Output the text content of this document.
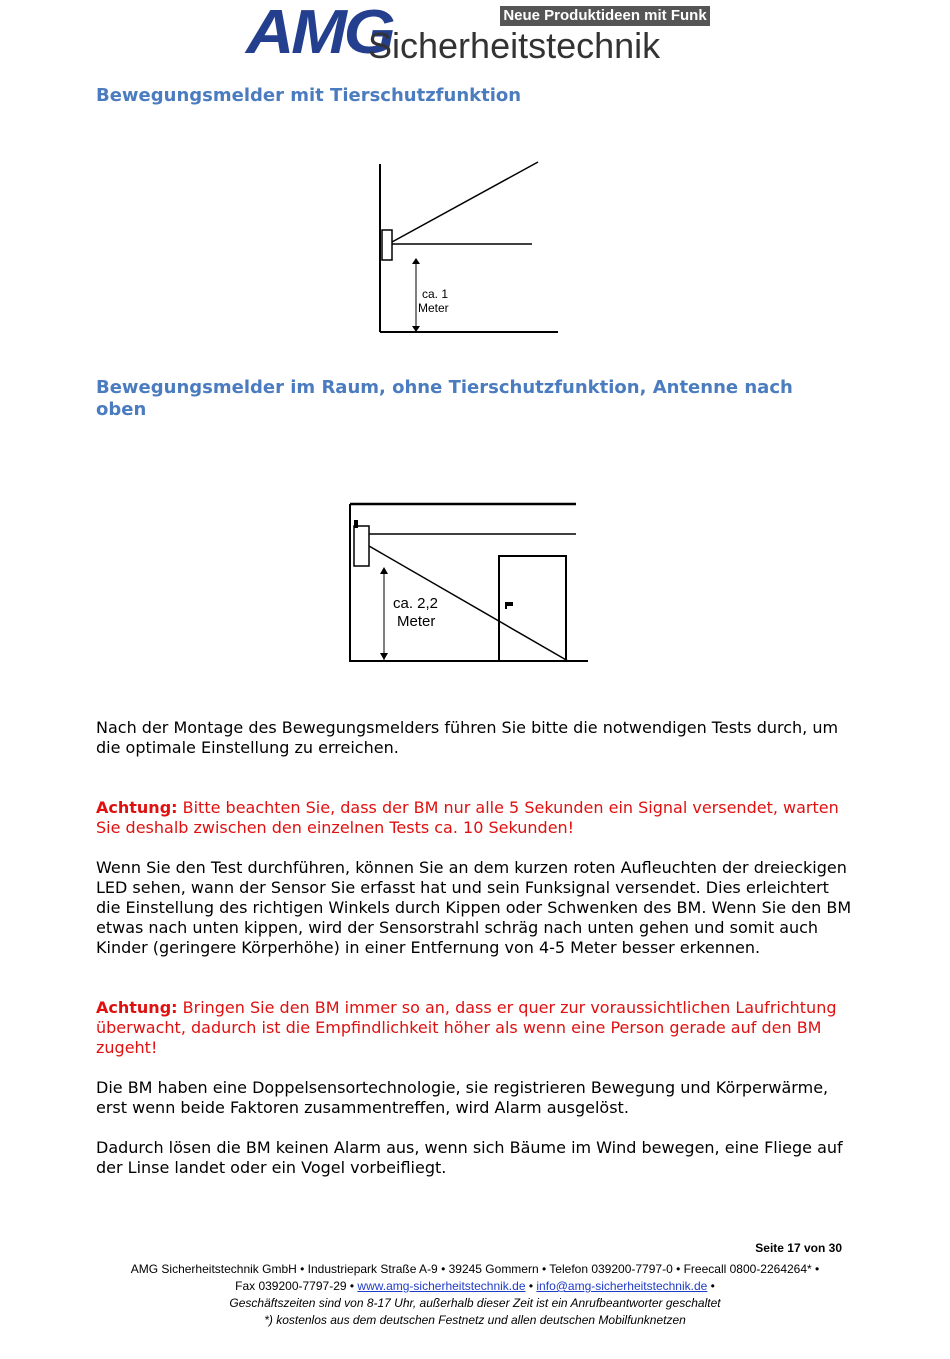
AMG	Neue Produktideen mit Funk
Sicherheitstechnik
Bewegungsmelder mit Tierschutzfunktion
ca. 1
Meter
Bewegungsmelder im Raum, ohne Tierschutzfunktion, Antenne nach oben
ca. 2,2
Meter
Nach der Montage des Bewegungsmelders führen Sie bitte die notwendigen Tests durch, um die optimale Einstellung zu erreichen.
Achtung: Bitte beachten Sie, dass der BM nur alle 5 Sekunden ein Signal versendet, warten Sie deshalb zwischen den einzelnen Tests ca. 10 Sekunden!
Wenn Sie den Test durchführen, können Sie an dem kurzen roten Aufleuchten der dreieckigen LED sehen, wann der Sensor Sie erfasst hat und sein Funksignal versendet. Dies erleichtert die Einstellung des richtigen Winkels durch Kippen oder Schwenken des BM. Wenn Sie den BM etwas nach unten kippen, wird der Sensorstrahl schräg nach unten gehen und somit auch Kinder (geringere Körperhöhe) in einer Entfernung von 4-5 Meter besser erkennen.
Achtung: Bringen Sie den BM immer so an, dass er quer zur voraussichtlichen Laufrichtung überwacht, dadurch ist die Empfindlichkeit höher als wenn eine Person gerade auf den BM zugeht!
Die BM haben eine Doppelsensortechnologie, sie registrieren Bewegung und Körperwärme, erst wenn beide Faktoren zusammentreffen, wird Alarm ausgelöst.
Dadurch lösen die BM keinen Alarm aus, wenn sich Bäume im Wind bewegen, eine Fliege auf der Linse landet oder ein Vogel vorbeifliegt.
Seite 17 von 30
AMG Sicherheitstechnik GmbH • Industriepark Straße A-9 • 39245 Gommern • Telefon 039200-7797-0 • Freecall 0800-2264264* •
Fax 039200-7797-29 • www.amg-sicherheitstechnik.de • info@amg-sicherheitstechnik.de •
Geschäftszeiten sind von 8-17 Uhr, außerhalb dieser Zeit ist ein Anrufbeantworter geschaltet
*) kostenlos aus dem deutschen Festnetz und allen deutschen Mobilfunknetzen
